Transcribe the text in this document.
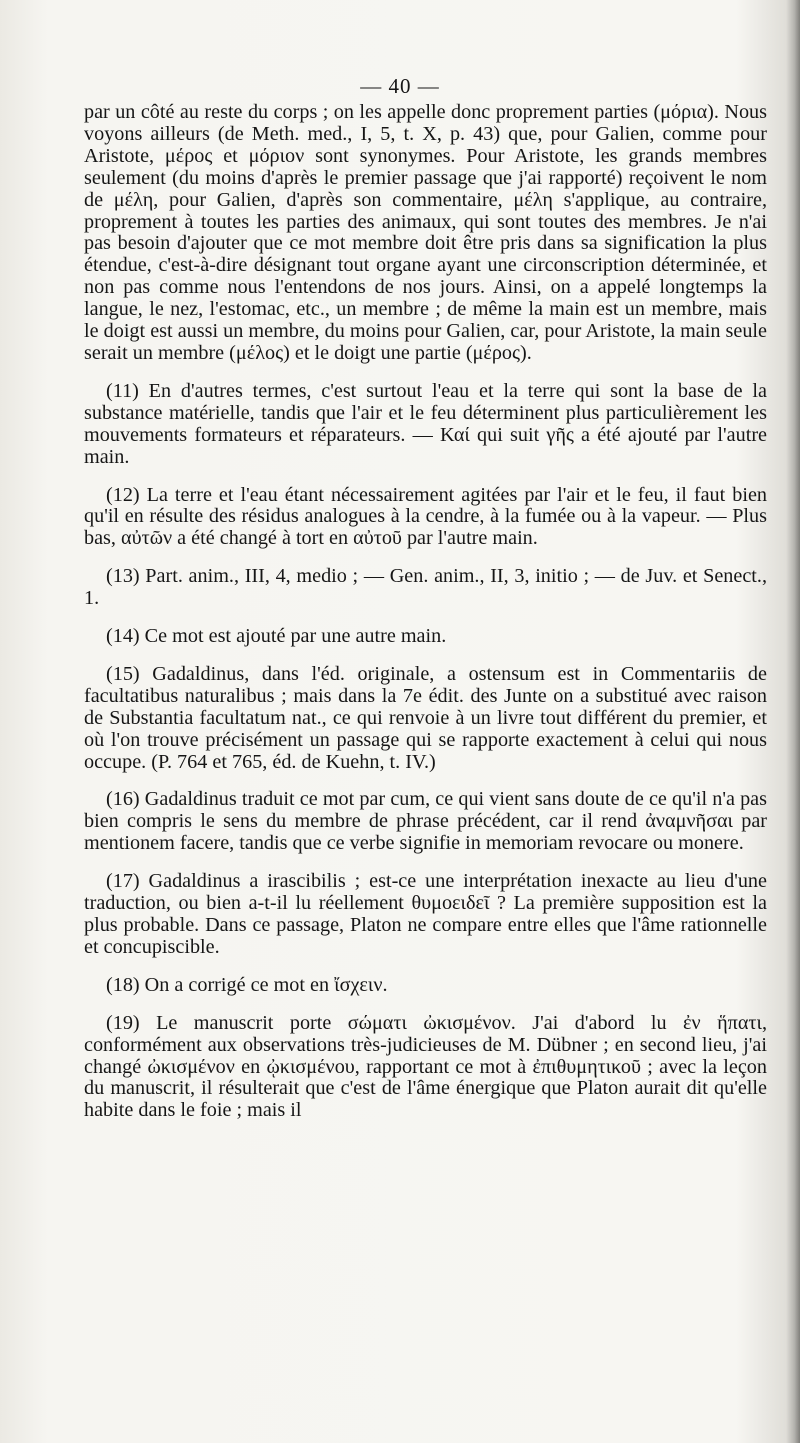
— 40 —

par un côté au reste du corps ; on les appelle donc proprement parties (μόρια). Nous voyons ailleurs (de Meth. med., I, 5, t. X, p. 43) que, pour Galien, comme pour Aristote, μέρος et μόριον sont synonymes. Pour Aristote, les grands membres seulement (du moins d'après le premier passage que j'ai rapporté) reçoivent le nom de μέλη, pour Galien, d'après son commentaire, μέλη s'applique, au contraire, proprement à toutes les parties des animaux, qui sont toutes des membres. Je n'ai pas besoin d'ajouter que ce mot membre doit être pris dans sa signification la plus étendue, c'est-à-dire désignant tout organe ayant une circonscription déterminée, et non pas comme nous l'entendons de nos jours. Ainsi, on a appelé longtemps la langue, le nez, l'estomac, etc., un membre ; de même la main est un membre, mais le doigt est aussi un membre, du moins pour Galien, car, pour Aristote, la main seule serait un membre (μέλος) et le doigt une partie (μέρος).

(11) En d'autres termes, c'est surtout l'eau et la terre qui sont la base de la substance matérielle, tandis que l'air et le feu déterminent plus particulièrement les mouvements formateurs et réparateurs. — Καί qui suit γῆς a été ajouté par l'autre main.

(12) La terre et l'eau étant nécessairement agitées par l'air et le feu, il faut bien qu'il en résulte des résidus analogues à la cendre, à la fumée ou à la vapeur. — Plus bas, αὐτῶν a été changé à tort en αὐτοῦ par l'autre main.

(13) Part. anim., III, 4, medio ; — Gen. anim., II, 3, initio ; — de Juv. et Senect., 1.

(14) Ce mot est ajouté par une autre main.

(15) Gadaldinus, dans l'éd. originale, a ostensum est in Commentariis de facultatibus naturalibus ; mais dans la 7e édit. des Junte on a substitué avec raison de Substantia facultatum nat., ce qui renvoie à un livre tout différent du premier, et où l'on trouve précisément un passage qui se rapporte exactement à celui qui nous occupe. (P. 764 et 765, éd. de Kuehn, t. IV.)

(16) Gadaldinus traduit ce mot par cum, ce qui vient sans doute de ce qu'il n'a pas bien compris le sens du membre de phrase précédent, car il rend ἀναμνῆσαι par mentionem facere, tandis que ce verbe signifie in memoriam revocare ou monere.

(17) Gadaldinus a irascibilis ; est-ce une interprétation inexacte au lieu d'une traduction, ou bien a-t-il lu réellement θυμοειδεῖ ? La première supposition est la plus probable. Dans ce passage, Platon ne compare entre elles que l'âme rationnelle et concupiscible.

(18) On a corrigé ce mot en ἴσχειν.

(19) Le manuscrit porte σώματι ὠκισμένον. J'ai d'abord lu ἐν ἥπατι, conformément aux observations très-judicieuses de M. Dübner ; en second lieu, j'ai changé ὠκισμένον en ᾠκισμένου, rapportant ce mot à ἐπιθυμητικοῦ ; avec la leçon du manuscrit, il résulterait que c'est de l'âme énergique que Platon aurait dit qu'elle habite dans le foie ; mais il
